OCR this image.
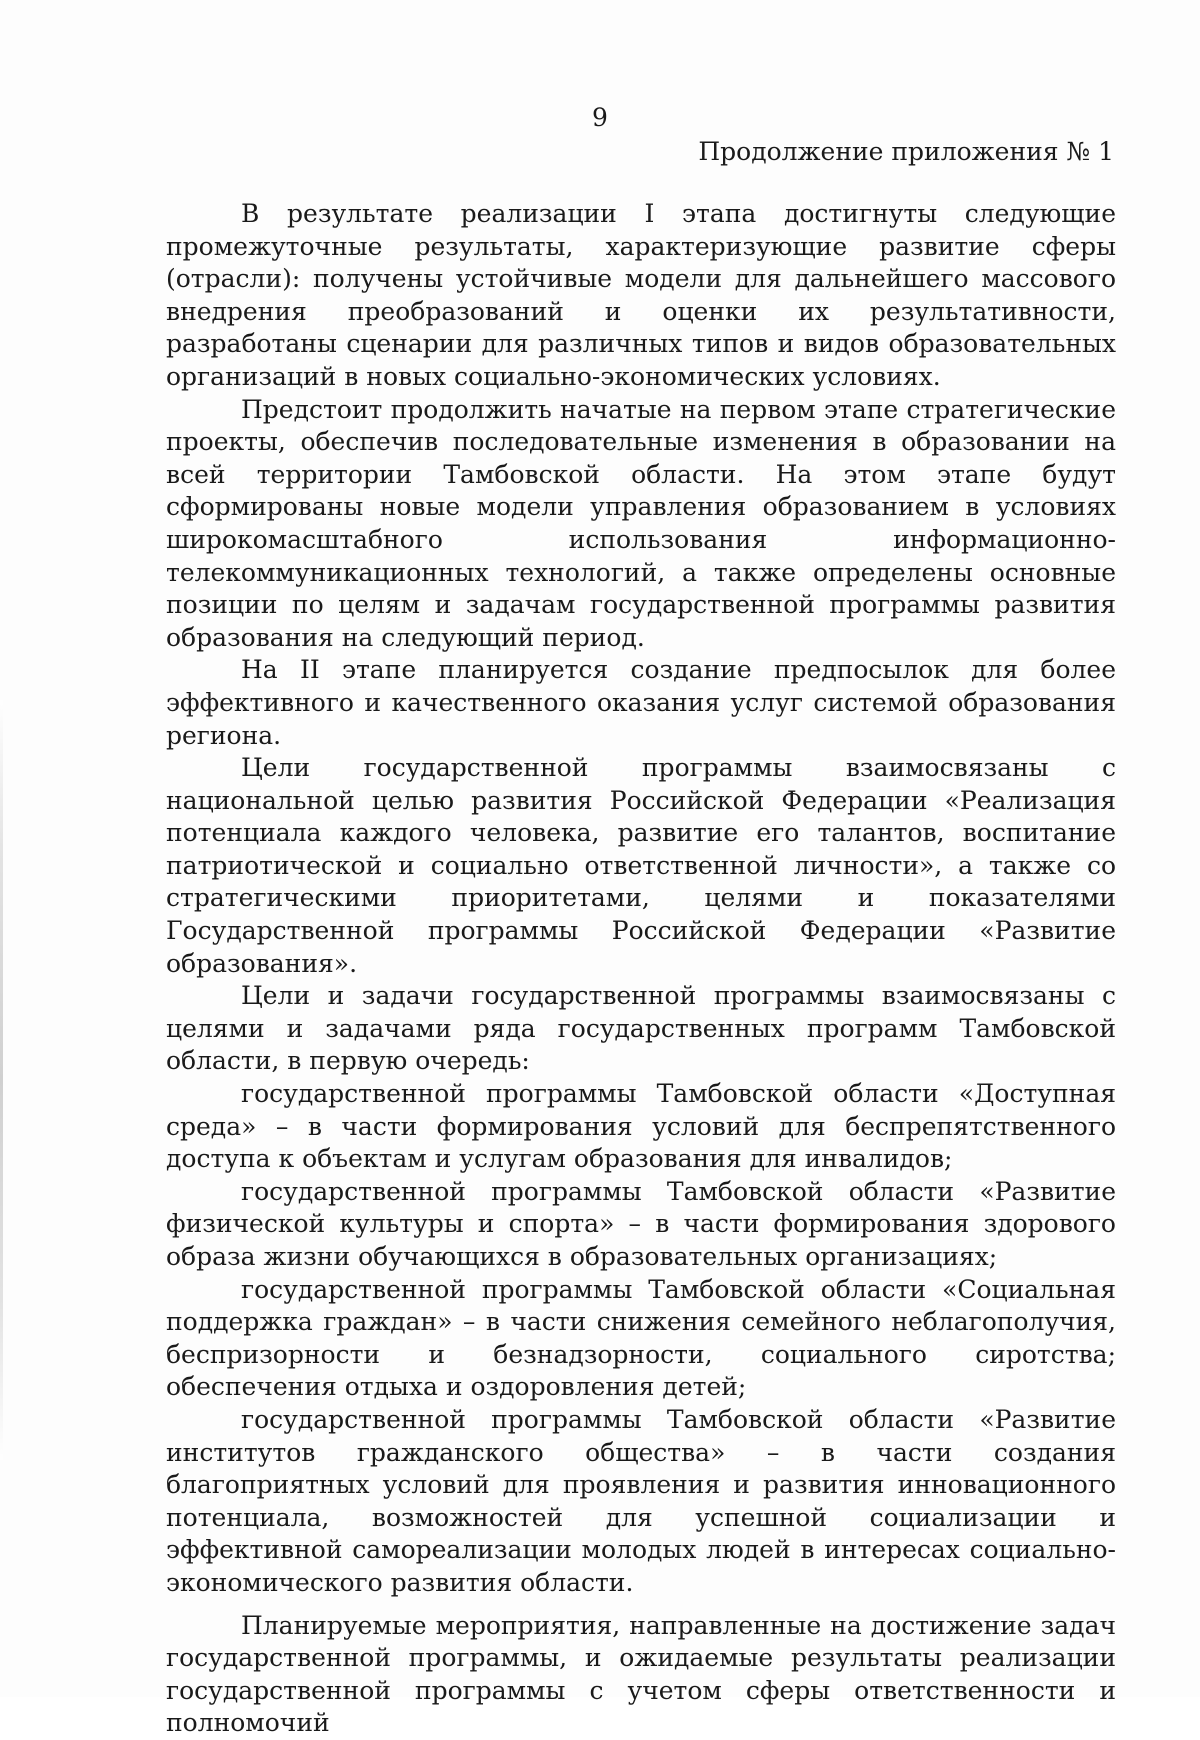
9
Продолжение приложения № 1

В результате реализации I этапа достигнуты следующие промежуточные результаты, характеризующие развитие сферы (отрасли): получены устойчивые модели для дальнейшего массового внедрения преобразований и оценки их результативности, разработаны сценарии для различных типов и видов образовательных организаций в новых социально-экономических условиях.

Предстоит продолжить начатые на первом этапе стратегические проекты, обеспечив последовательные изменения в образовании на всей территории Тамбовской области. На этом этапе будут сформированы новые модели управления образованием в условиях широкомасштабного использования информационно-телекоммуникационных технологий, а также определены основные позиции по целям и задачам государственной программы развития образования на следующий период.

На II этапе планируется создание предпосылок для более эффективного и качественного оказания услуг системой образования региона.

Цели государственной программы взаимосвязаны с национальной целью развития Российской Федерации «Реализация потенциала каждого человека, развитие его талантов, воспитание патриотической и социально ответственной личности», а также со стратегическими приоритетами, целями и показателями Государственной программы Российской Федерации «Развитие образования».

Цели и задачи государственной программы взаимосвязаны с целями и задачами ряда государственных программ Тамбовской области, в первую очередь:

государственной программы Тамбовской области «Доступная среда» – в части формирования условий для беспрепятственного доступа к объектам и услугам образования для инвалидов;

государственной программы Тамбовской области «Развитие физической культуры и спорта» – в части формирования здорового образа жизни обучающихся в образовательных организациях;

государственной программы Тамбовской области «Социальная поддержка граждан» – в части снижения семейного неблагополучия, беспризорности и безнадзорности, социального сиротства; обеспечения отдыха и оздоровления детей;

государственной программы Тамбовской области «Развитие институтов гражданского общества» – в части создания благоприятных условий для проявления и развития инновационного потенциала, возможностей для успешной социализации и эффективной самореализации молодых людей в интересах социально-экономического развития области.

Планируемые мероприятия, направленные на достижение задач государственной программы, и ожидаемые результаты реализации государственной программы с учетом сферы ответственности и полномочий
